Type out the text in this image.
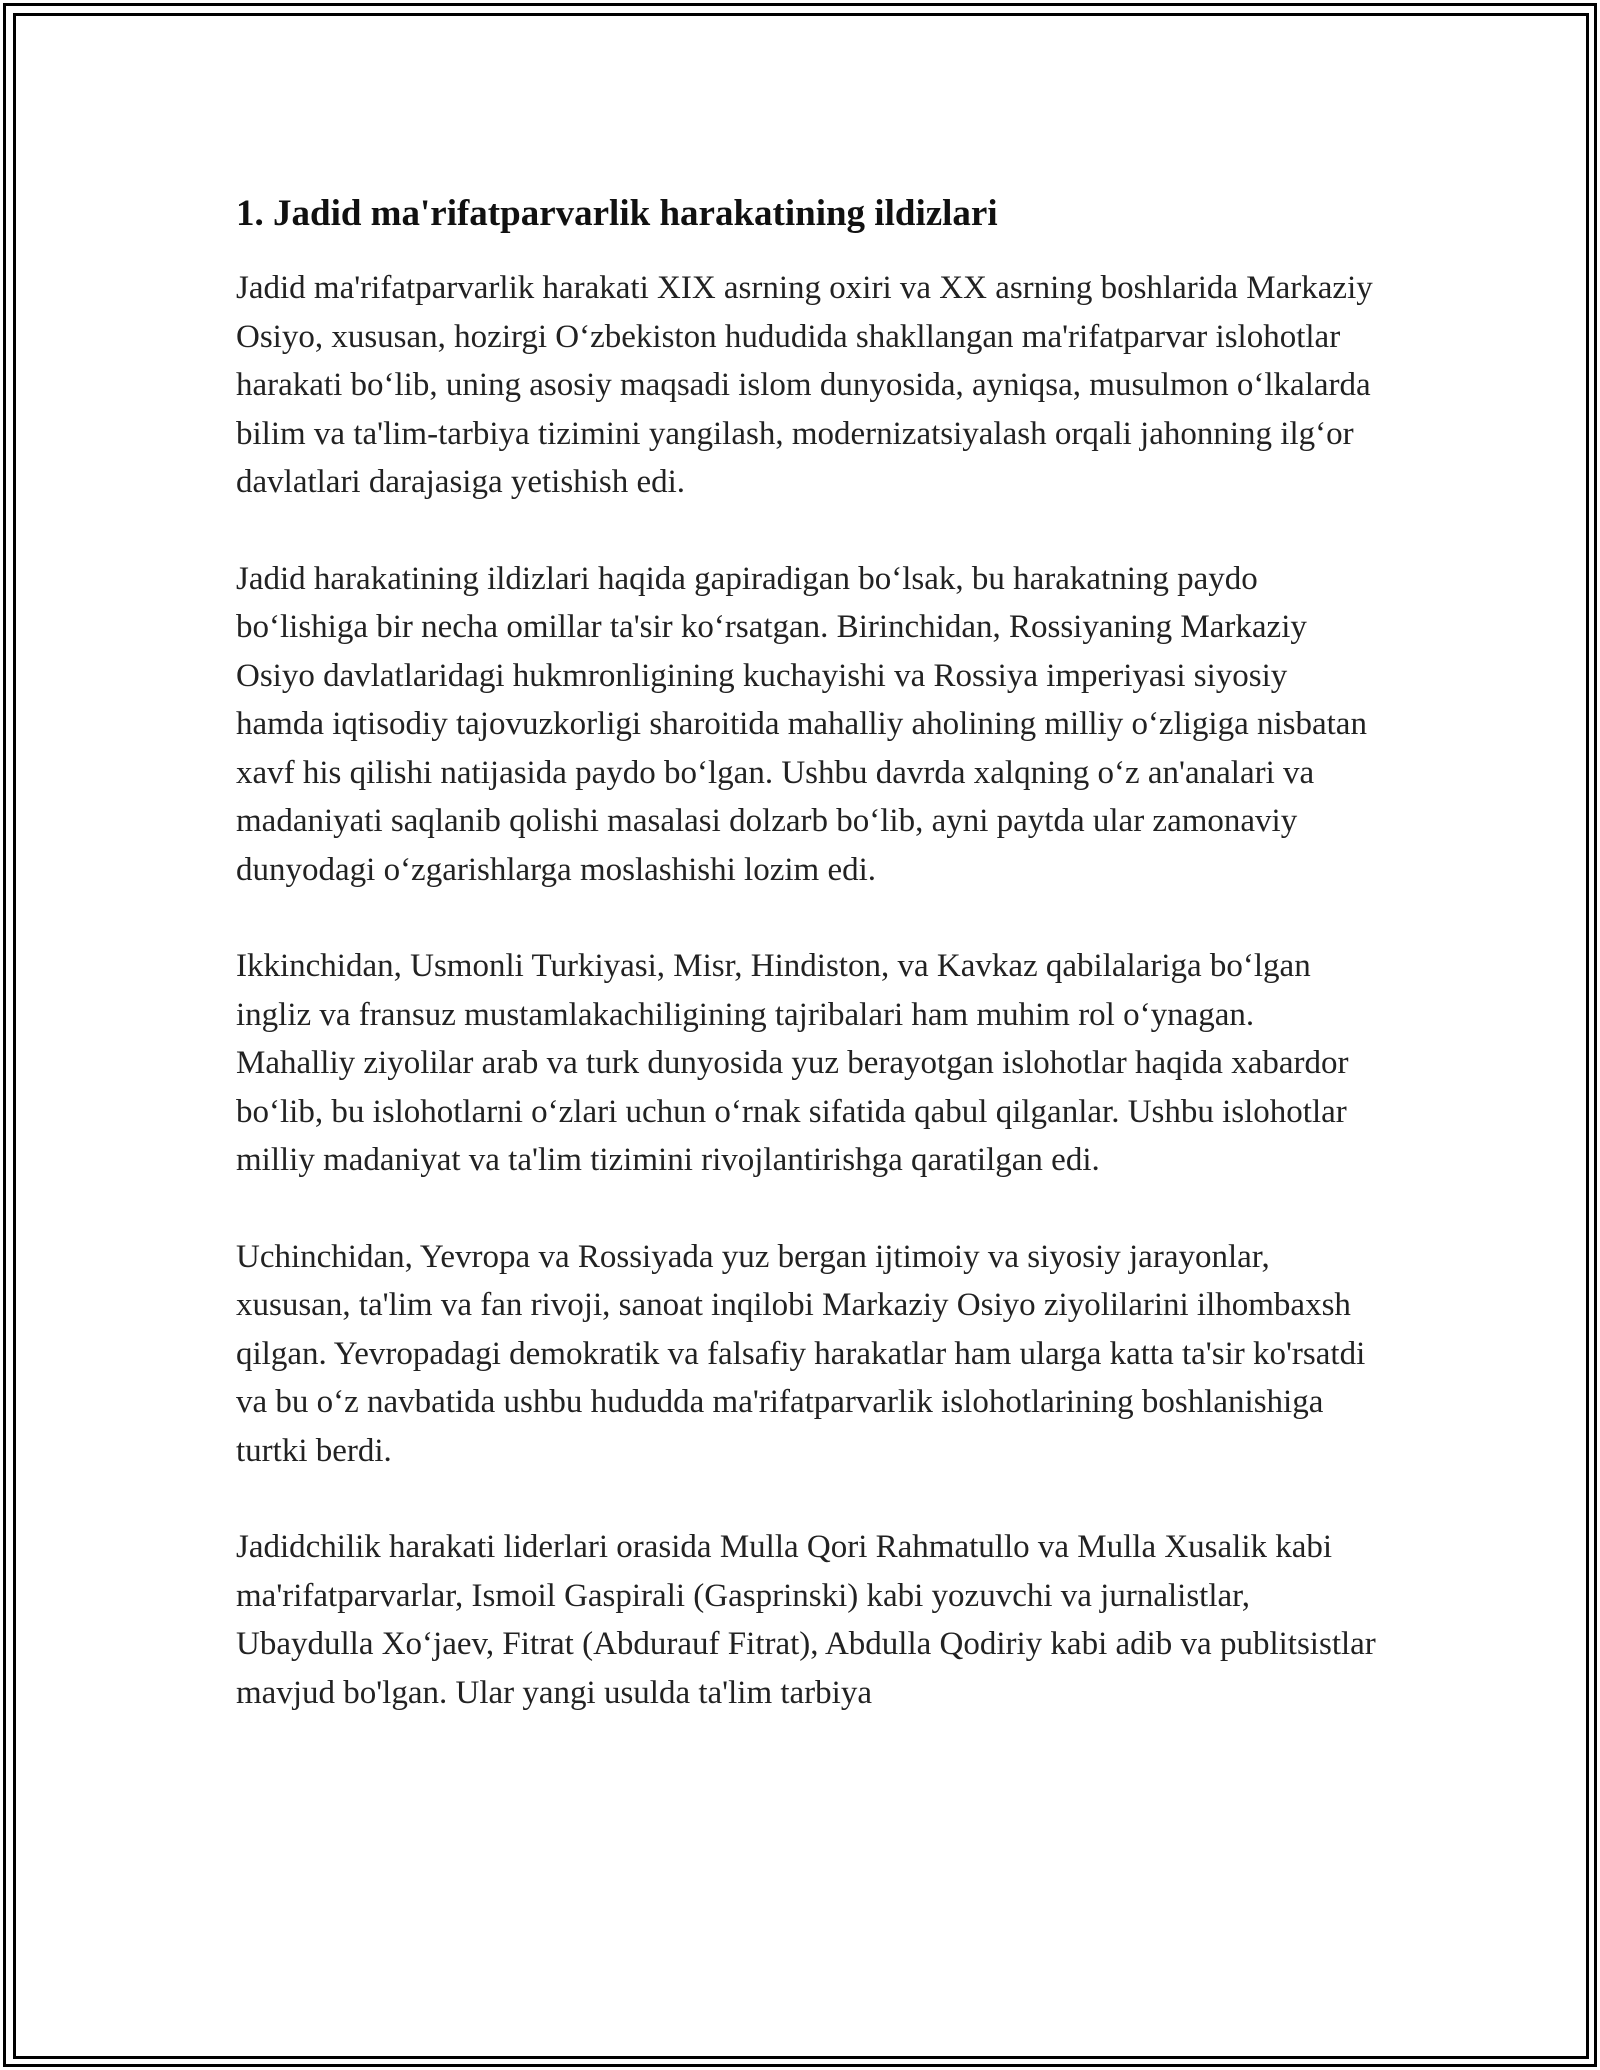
1. Jadid ma'rifatparvarlik harakatining ildizlari

Jadid ma'rifatparvarlik harakati XIX asrning oxiri va XX asrning boshlarida Markaziy Osiyo, xususan, hozirgi O‘zbekiston hududida shakllangan ma'rifatparvar islohotlar harakati bo‘lib, uning asosiy maqsadi islom dunyosida, ayniqsa, musulmon o‘lkalarda bilim va ta'lim-tarbiya tizimini yangilash, modernizatsiyalash orqali jahonning ilg‘or davlatlari darajasiga yetishish edi.

Jadid harakatining ildizlari haqida gapiradigan bo‘lsak, bu harakatning paydo bo‘lishiga bir necha omillar ta'sir ko‘rsatgan. Birinchidan, Rossiyaning Markaziy Osiyo davlatlaridagi hukmronligining kuchayishi va Rossiya imperiyasi siyosiy hamda iqtisodiy tajovuzkorligi sharoitida mahalliy aholining milliy o‘zligiga nisbatan xavf his qilishi natijasida paydo bo‘lgan. Ushbu davrda xalqning o‘z an'analari va madaniyati saqlanib qolishi masalasi dolzarb bo‘lib, ayni paytda ular zamonaviy dunyodagi o‘zgarishlarga moslashishi lozim edi.

Ikkinchidan, Usmonli Turkiyasi, Misr, Hindiston, va Kavkaz qabilalariga bo‘lgan ingliz va fransuz mustamlakachiligining tajribalari ham muhim rol o‘ynagan. Mahalliy ziyolilar arab va turk dunyosida yuz berayotgan islohotlar haqida xabardor bo‘lib, bu islohotlarni o‘zlari uchun o‘rnak sifatida qabul qilganlar. Ushbu islohotlar milliy madaniyat va ta'lim tizimini rivojlantirishga qaratilgan edi.

Uchinchidan, Yevropa va Rossiyada yuz bergan ijtimoiy va siyosiy jarayonlar, xususan, ta'lim va fan rivoji, sanoat inqilobi Markaziy Osiyo ziyolilarini ilhombaxsh qilgan. Yevropadagi demokratik va falsafiy harakatlar ham ularga katta ta'sir ko'rsatdi va bu o‘z navbatida ushbu hududda ma'rifatparvarlik islohotlarining boshlanishiga turtki berdi.

Jadidchilik harakati liderlari orasida Mulla Qori Rahmatullo va Mulla Xusalik kabi ma'rifatparvarlar, Ismoil Gaspirali (Gasprinski) kabi yozuvchi va jurnalistlar, Ubaydulla Xo‘jaev, Fitrat (Abdurauf Fitrat), Abdulla Qodiriy kabi adib va publitsistlar mavjud bo'lgan. Ular yangi usulda ta'lim tarbiya
